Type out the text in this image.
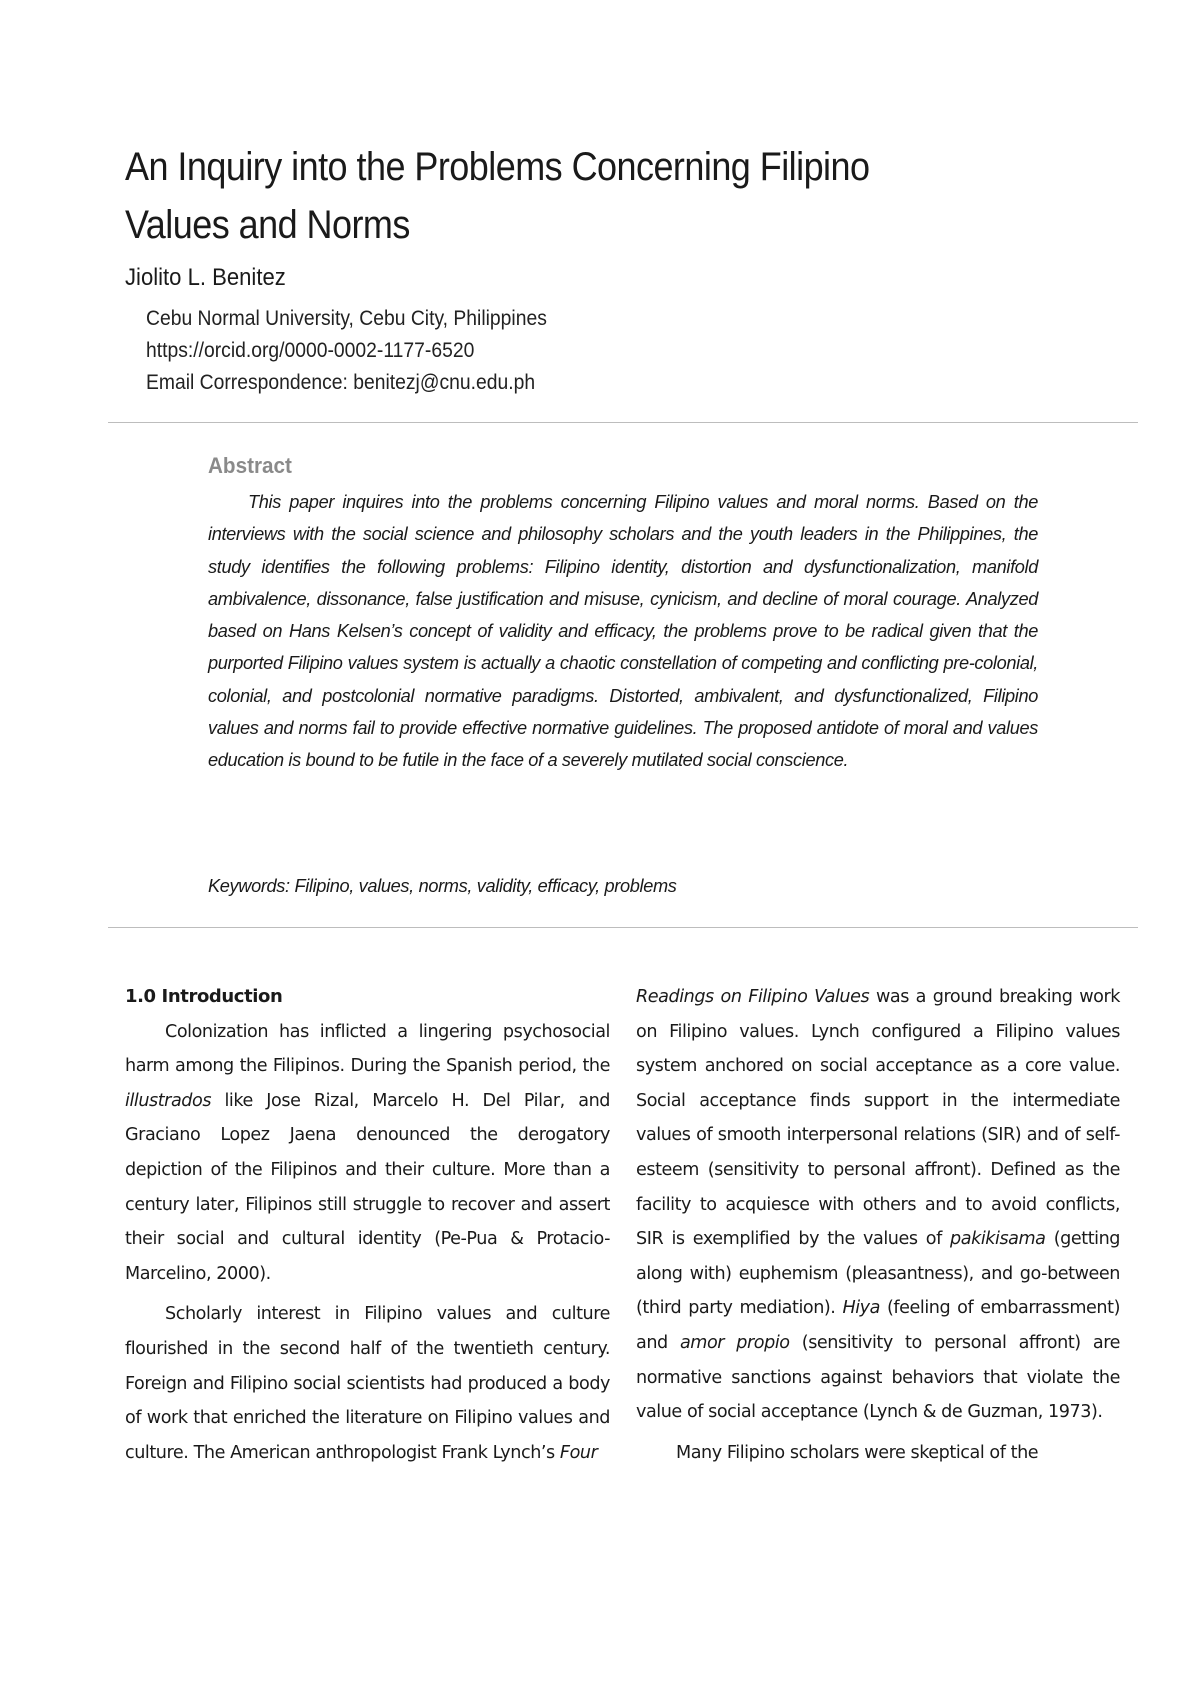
An Inquiry into the Problems Concerning Filipino
Values and Norms

Jiolito L. Benitez

Cebu Normal University, Cebu City, Philippines
https://orcid.org/0000-0002-1177-6520
Email Correspondence: benitezj@cnu.edu.ph
Abstract

This paper inquires into the problems concerning Filipino values and moral norms. Based on the interviews with the social science and philosophy scholars and the youth leaders in the Philippines, the study identifies the following problems: Filipino identity, distortion and dysfunctionalization, manifold ambivalence, dissonance, false justification and misuse, cynicism, and decline of moral courage. Analyzed based on Hans Kelsen’s concept of validity and efficacy, the problems prove to be radical given that the purported Filipino values system is actually a chaotic constellation of competing and conflicting pre-colonial, colonial, and postcolonial normative paradigms. Distorted, ambivalent, and dysfunctionalized, Filipino values and norms fail to provide effective normative guidelines. The proposed antidote of moral and values education is bound to be futile in the face of a severely mutilated social conscience.

Keywords: Filipino, values, norms, validity, efficacy, problems

1.0 Introduction

Colonization has inflicted a lingering psychosocial harm among the Filipinos. During the Spanish period, the illustrados like Jose Rizal, Marcelo H. Del Pilar, and Graciano Lopez Jaena denounced the derogatory depiction of the Filipinos and their culture. More than a century later, Filipinos still struggle to recover and assert their social and cultural identity (Pe-Pua & Protacio-Marcelino, 2000).

Scholarly interest in Filipino values and culture flourished in the second half of the twentieth century. Foreign and Filipino social scientists had produced a body of work that enriched the literature on Filipino values and culture. The American anthropologist Frank Lynch’s Four

Readings on Filipino Values was a ground breaking work on Filipino values. Lynch configured a Filipino values system anchored on social acceptance as a core value. Social acceptance finds support in the intermediate values of smooth interpersonal relations (SIR) and of self-esteem (sensitivity to personal affront). Defined as the facility to acquiesce with others and to avoid conflicts, SIR is exemplified by the values of pakikisama (getting along with) euphemism (pleasantness), and go-between (third party mediation). Hiya (feeling of embarrassment) and amor propio (sensitivity to personal affront) are normative sanctions against behaviors that violate the value of social acceptance (Lynch & de Guzman, 1973).

Many Filipino scholars were skeptical of the
